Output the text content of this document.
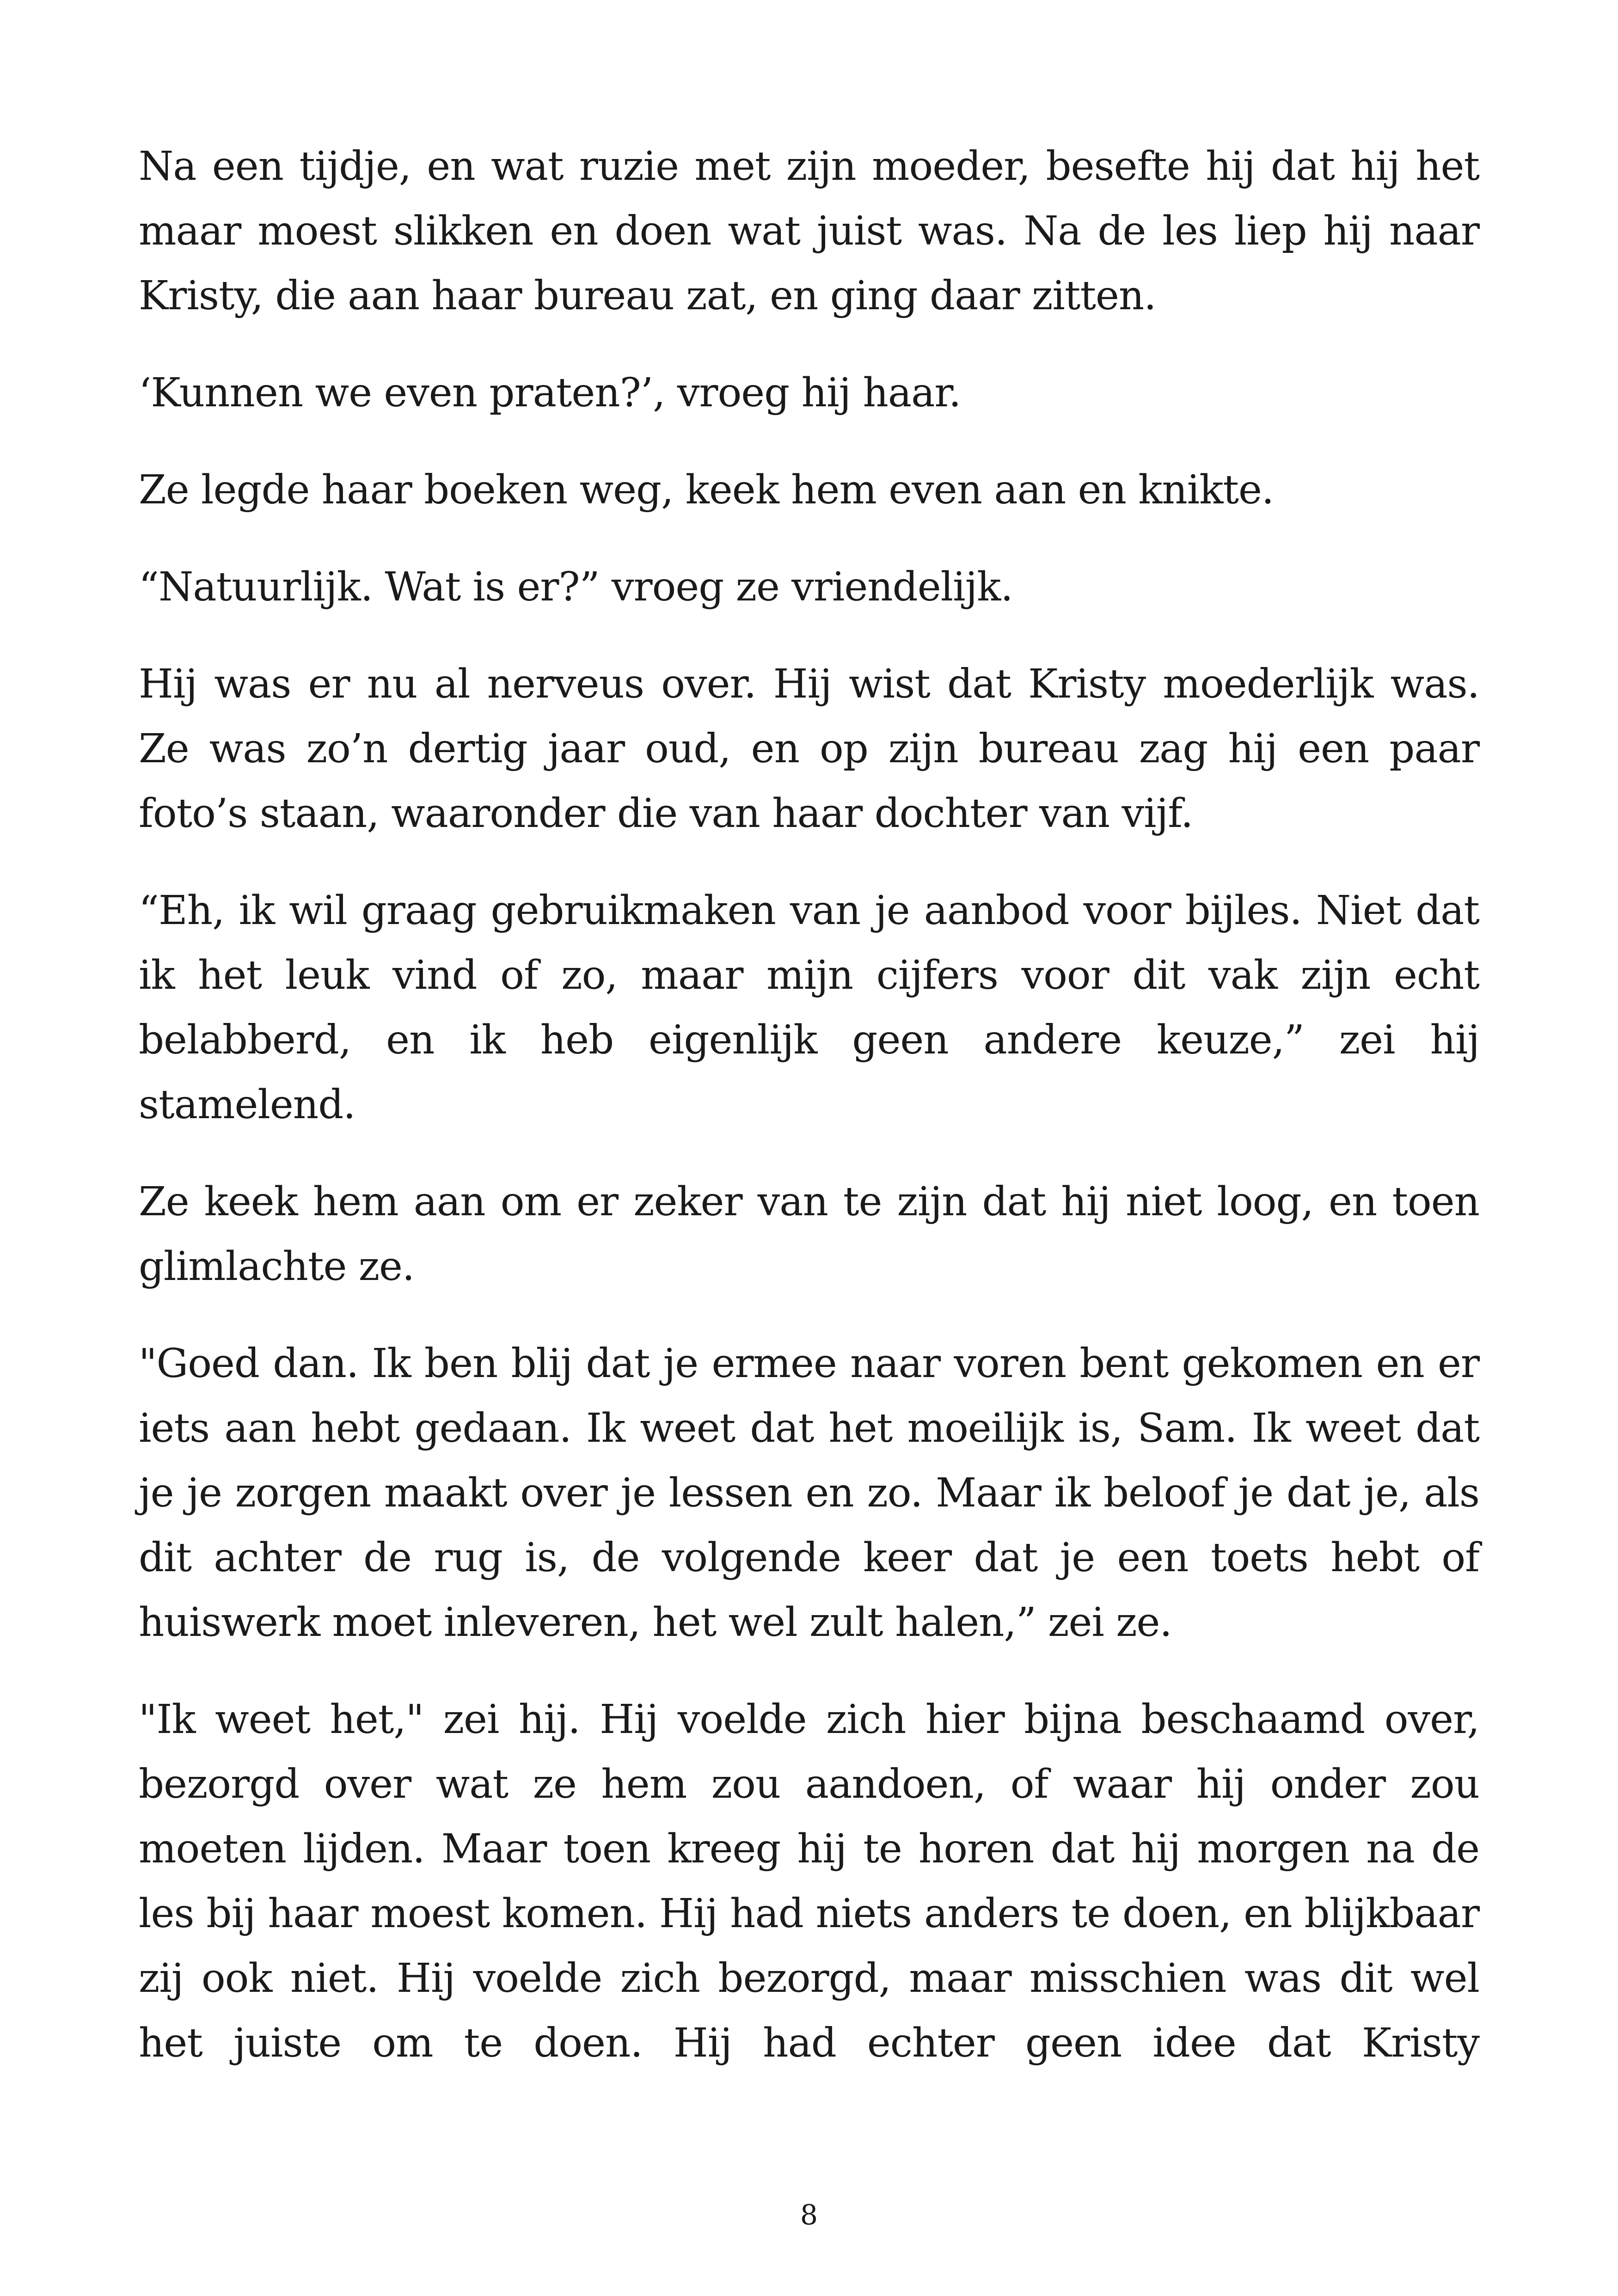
Na een tijdje, en wat ruzie met zijn moeder, besefte hij dat hij het maar moest slikken en doen wat juist was. Na de les liep hij naar Kristy, die aan haar bureau zat, en ging daar zitten.

‘Kunnen we even praten?’, vroeg hij haar.

Ze legde haar boeken weg, keek hem even aan en knikte.

“Natuurlijk. Wat is er?” vroeg ze vriendelijk.

Hij was er nu al nerveus over. Hij wist dat Kristy moederlijk was. Ze was zo’n dertig jaar oud, en op zijn bureau zag hij een paar foto’s staan, waaronder die van haar dochter van vijf.

“Eh, ik wil graag gebruikmaken van je aanbod voor bijles. Niet dat ik het leuk vind of zo, maar mijn cijfers voor dit vak zijn echt belabberd, en ik heb eigenlijk geen andere keuze,” zei hij stamelend.

Ze keek hem aan om er zeker van te zijn dat hij niet loog, en toen glimlachte ze.

"Goed dan. Ik ben blij dat je ermee naar voren bent gekomen en er iets aan hebt gedaan. Ik weet dat het moeilijk is, Sam. Ik weet dat je je zorgen maakt over je lessen en zo. Maar ik beloof je dat je, als dit achter de rug is, de volgende keer dat je een toets hebt of huiswerk moet inleveren, het wel zult halen,” zei ze.

"Ik weet het," zei hij. Hij voelde zich hier bijna beschaamd over, bezorgd over wat ze hem zou aandoen, of waar hij onder zou moeten lijden. Maar toen kreeg hij te horen dat hij morgen na de les bij haar moest komen. Hij had niets anders te doen, en blijkbaar zij ook niet. Hij voelde zich bezorgd, maar misschien was dit wel het juiste om te doen. Hij had echter geen idee dat Kristy

8
